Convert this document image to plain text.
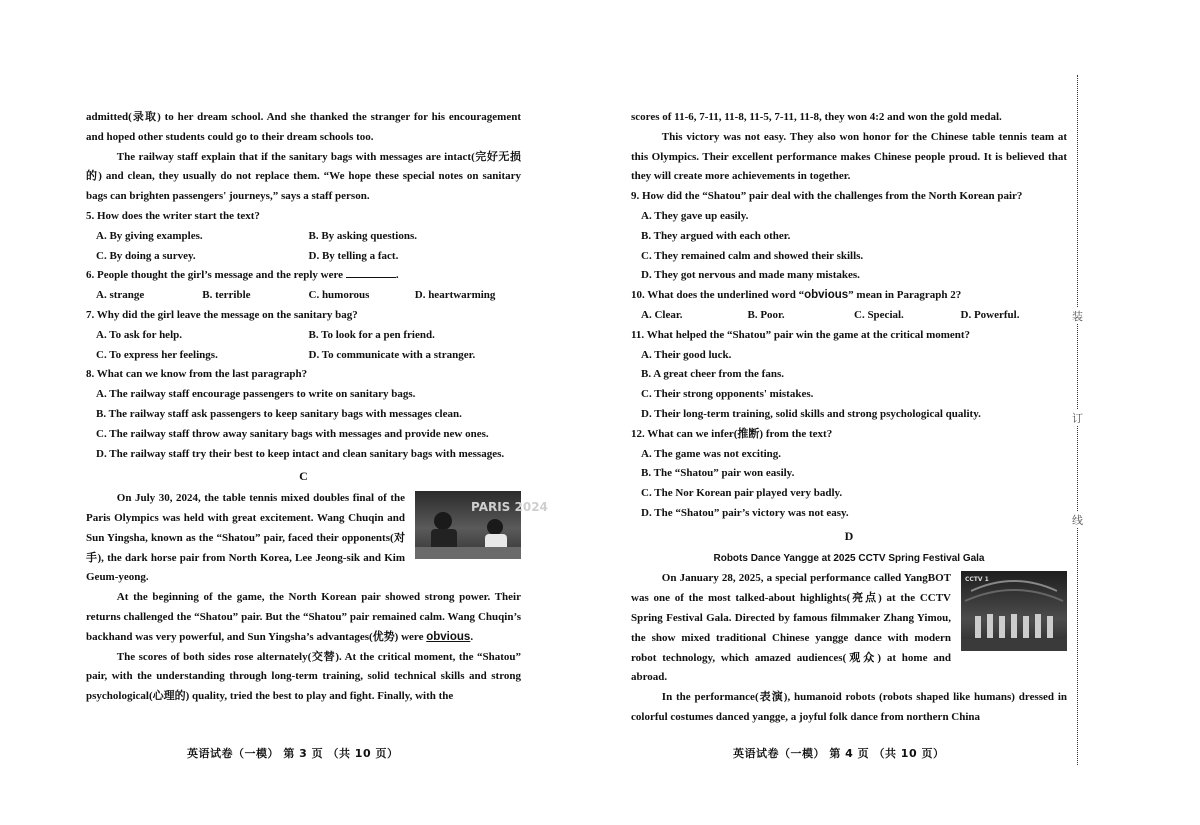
admitted(录取) to her dream school. And she thanked the stranger for his encouragement and hoped other students could go to their dream schools too.

The railway staff explain that if the sanitary bags with messages are intact(完好无损的) and clean, they usually do not replace them. “We hope these special notes on sanitary bags can brighten passengers' journeys,” says a staff person.

5. How does the writer start the text?
A. By giving examples.	B. By asking questions.
C. By doing a survey.	D. By telling a fact.
6. People thought the girl’s message and the reply were	.
A. strange	B. terrible	C. humorous	D. heartwarming
7. Why did the girl leave the message on the sanitary bag?
A. To ask for help.	B. To look for a pen friend.
C. To express her feelings.	D. To communicate with a stranger.
8. What can we know from the last paragraph?
A. The railway staff encourage passengers to write on sanitary bags.
B. The railway staff ask passengers to keep sanitary bags with messages clean.
C. The railway staff throw away sanitary bags with messages and provide new ones.
D. The railway staff try their best to keep intact and clean sanitary bags with messages.
C
PARIS 2024

On July 30, 2024, the table tennis mixed doubles final of the Paris Olympics was held with great excitement. Wang Chuqin and Sun Yingsha, known as the “Shatou” pair, faced their opponents(对手), the dark horse pair from North Korea, Lee Jeong-sik and Kim Geum-yeong.

At the beginning of the game, the North Korean pair showed strong power. Their returns challenged the “Shatou” pair. But the “Shatou” pair remained calm. Wang Chuqin’s backhand was very powerful, and Sun Yingsha’s advantages(优势) were obvious.

The scores of both sides rose alternately(交替). At the critical moment, the “Shatou” pair, with the understanding through long-term training, solid technical skills and strong psychological(心理的) quality, tried the best to play and fight. Finally, with the

scores of 11-6, 7-11, 11-8, 11-5, 7-11, 11-8, they won 4:2 and won the gold medal.

This victory was not easy. They also won honor for the Chinese table tennis team at this Olympics. Their excellent performance makes Chinese people proud. It is believed that they will create more achievements in together.

9. How did the “Shatou” pair deal with the challenges from the North Korean pair?
A. They gave up easily.
B. They argued with each other.
C. They remained calm and showed their skills.
D. They got nervous and made many mistakes.
10. What does the underlined word “obvious” mean in Paragraph 2?
A. Clear.	B. Poor.	C. Special.	D. Powerful.
11. What helped the “Shatou” pair win the game at the critical moment?
A. Their good luck.
B. A great cheer from the fans.
C. Their strong opponents' mistakes.
D. Their long-term training, solid skills and strong psychological quality.
12. What can we infer(推断) from the text?
A. The game was not exciting.
B. The “Shatou” pair won easily.
C. The Nor Korean pair played very badly.
D. The “Shatou” pair’s victory was not easy.
D
Robots Dance Yangge at 2025 CCTV Spring Festival Gala
CCTV 1

On January 28, 2025, a special performance called YangBOT was one of the most talked-about highlights(亮点) at the CCTV Spring Festival Gala. Directed by famous filmmaker Zhang Yimou, the show mixed traditional Chinese yangge dance with modern robot technology, which amazed audiences(观众) at home and abroad.

In the performance(表演), humanoid robots (robots shaped like humans) dressed in colorful costumes danced yangge, a joyful folk dance from northern China

英语试卷（一模） 第 3 页 （共 10 页）	英语试卷（一模） 第 4 页 （共 10 页）
装
订
线
